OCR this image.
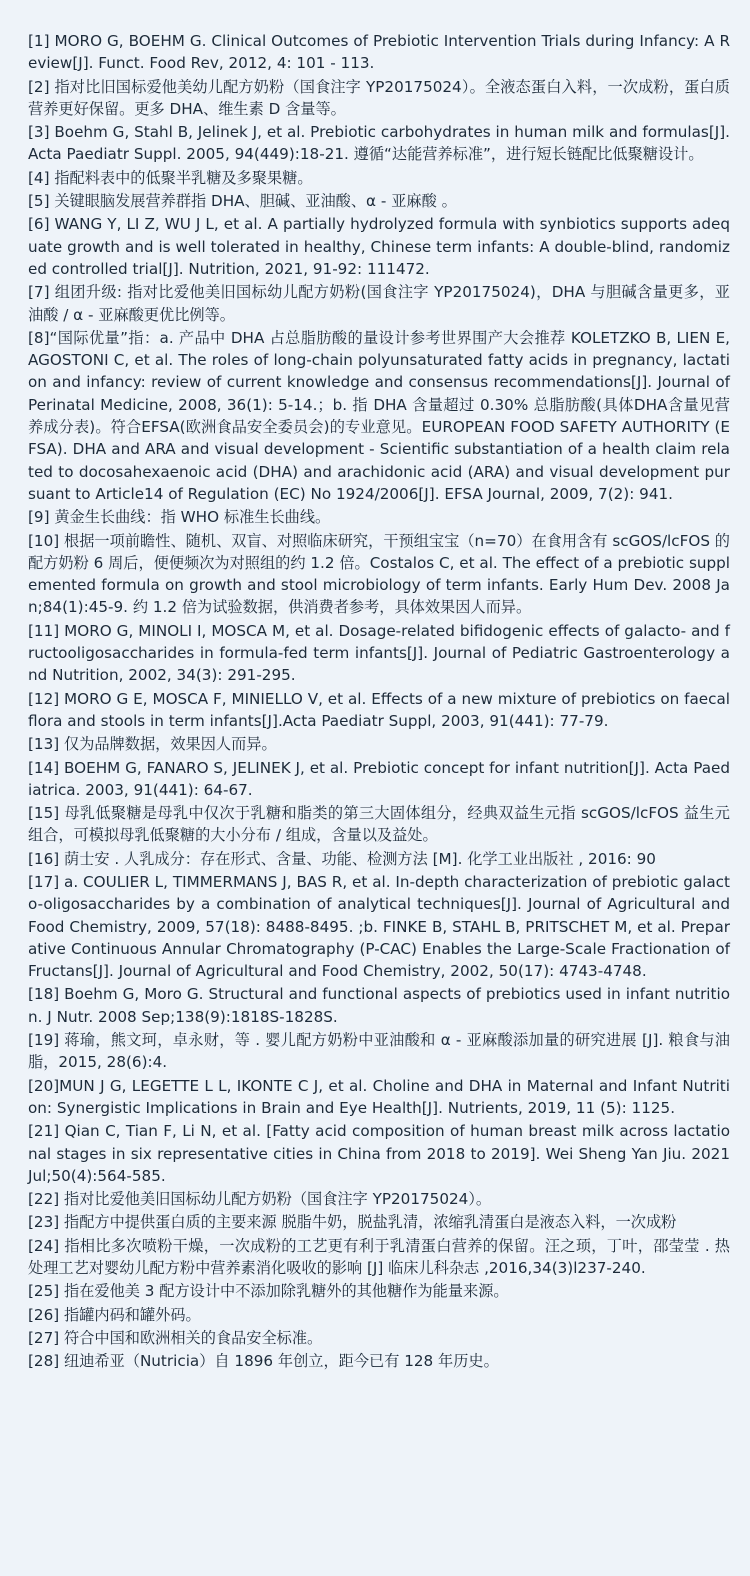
[1] MORO G, BOEHM G. Clinical Outcomes of Prebiotic Intervention Trials during Infancy: A Review[J]. Funct. Food Rev, 2012, 4: 101 - 113.
[2] 指对比旧国标爱他美幼儿配方奶粉（国食注字 YP20175024）。全液态蛋白入料，一次成粉，蛋白质营养更好保留。更多 DHA、维生素 D 含量等。
[3] Boehm G, Stahl B, Jelinek J, et al. Prebiotic carbohydrates in human milk and formulas[J]. Acta Paediatr Suppl. 2005, 94(449):18-21. 遵循“达能营养标准”，进行短长链配比低聚糖设计。
[4] 指配料表中的低聚半乳糖及多聚果糖。
[5] 关键眼脑发展营养群指 DHA、胆碱、亚油酸、α - 亚麻酸 。
[6] WANG Y, LI Z, WU J L, et al. A partially hydrolyzed formula with synbiotics supports adequate growth and is well tolerated in healthy, Chinese term infants: A double-blind, randomized controlled trial[J]. Nutrition, 2021, 91-92: 111472.
[7] 组团升级: 指对比爱他美旧国标幼儿配方奶粉(国食注字 YP20175024)，DHA 与胆碱含量更多，亚油酸 / α - 亚麻酸更优比例等。
[8]“国际优量”指：a. 产品中 DHA 占总脂肪酸的量设计参考世界围产大会推荐 KOLETZKO B, LIEN E, AGOSTONI C, et al. The roles of long-chain polyunsaturated fatty acids in pregnancy, lactation and infancy: review of current knowledge and consensus recommendations[J]. Journal of Perinatal Medicine, 2008, 36(1): 5-14.；b. 指 DHA 含量超过 0.30% 总脂肪酸(具体DHA含量见营养成分表)。符合EFSA(欧洲食品安全委员会)的专业意见。EUROPEAN FOOD SAFETY AUTHORITY (EFSA). DHA and ARA and visual development - Scientific substantiation of a health claim related to docosahexaenoic acid (DHA) and arachidonic acid (ARA) and visual development pursuant to Article14 of Regulation (EC) No 1924/2006[J]. EFSA Journal, 2009, 7(2): 941.
[9] 黄金生长曲线：指 WHO 标准生长曲线。
[10] 根据一项前瞻性、随机、双盲、对照临床研究，干预组宝宝（n=70）在食用含有 scGOS/lcFOS 的配方奶粉 6 周后，便便频次为对照组的约 1.2 倍。Costalos C, et al. The effect of a prebiotic supplemented formula on growth and stool microbiology of term infants. Early Hum Dev. 2008 Jan;84(1):45-9. 约 1.2 倍为试验数据，供消费者参考，具体效果因人而异。
[11] MORO G, MINOLI I, MOSCA M, et al. Dosage-related bifidogenic effects of galacto- and fructooligosaccharides in formula-fed term infants[J]. Journal of Pediatric Gastroenterology and Nutrition, 2002, 34(3): 291-295.
[12] MORO G E, MOSCA F, MINIELLO V, et al. Effects of a new mixture of prebiotics on faecal flora and stools in term infants[J].Acta Paediatr Suppl, 2003, 91(441): 77-79.
[13] 仅为品牌数据，效果因人而异。
[14] BOEHM G, FANARO S, JELINEK J, et al. Prebiotic concept for infant nutrition[J]. Acta Paediatrica. 2003, 91(441): 64-67.
[15] 母乳低聚糖是母乳中仅次于乳糖和脂类的第三大固体组分，经典双益生元指 scGOS/lcFOS 益生元组合，可模拟母乳低聚糖的大小分布 / 组成，含量以及益处。
[16] 荫士安 . 人乳成分：存在形式、含量、功能、检测方法 [M]. 化学工业出版社 , 2016: 90
[17] a. COULIER L, TIMMERMANS J, BAS R, et al. In-depth characterization of prebiotic galacto-oligosaccharides by a combination of analytical techniques[J]. Journal of Agricultural and Food Chemistry, 2009, 57(18): 8488-8495. ;b. FINKE B, STAHL B, PRITSCHET M, et al. Preparative Continuous Annular Chromatography (P-CAC) Enables the Large-Scale Fractionation of Fructans[J]. Journal of Agricultural and Food Chemistry, 2002, 50(17): 4743-4748.
[18] Boehm G, Moro G. Structural and functional aspects of prebiotics used in infant nutrition. J Nutr. 2008 Sep;138(9):1818S-1828S.
[19] 蒋瑜，熊文珂，卓永财，等 . 婴儿配方奶粉中亚油酸和 α - 亚麻酸添加量的研究进展 [J]. 粮食与油脂，2015, 28(6):4.
[20]MUN J G, LEGETTE L L, IKONTE C J, et al. Choline and DHA in Maternal and Infant Nutrition: Synergistic Implications in Brain and Eye Health[J]. Nutrients, 2019, 11 (5): 1125.
[21] Qian C, Tian F, Li N, et al. [Fatty acid composition of human breast milk across lactational stages in six representative cities in China from 2018 to 2019]. Wei Sheng Yan Jiu. 2021 Jul;50(4):564-585.
[22] 指对比爱他美旧国标幼儿配方奶粉（国食注字 YP20175024）。
[23] 指配方中提供蛋白质的主要来源 脱脂牛奶，脱盐乳清，浓缩乳清蛋白是液态入料，一次成粉
[24] 指相比多次喷粉干燥，一次成粉的工艺更有利于乳清蛋白营养的保留。汪之顼，丁叶，邵莹莹 . 热处理工艺对婴幼儿配方粉中营养素消化吸收的影响 [J] 临床儿科杂志 ,2016,34(3)l237-240.
[25] 指在爱他美 3 配方设计中不添加除乳糖外的其他糖作为能量来源。
[26] 指罐内码和罐外码。
[27] 符合中国和欧洲相关的食品安全标准。
[28] 纽迪希亚（Nutricia）自 1896 年创立，距今已有 128 年历史。
